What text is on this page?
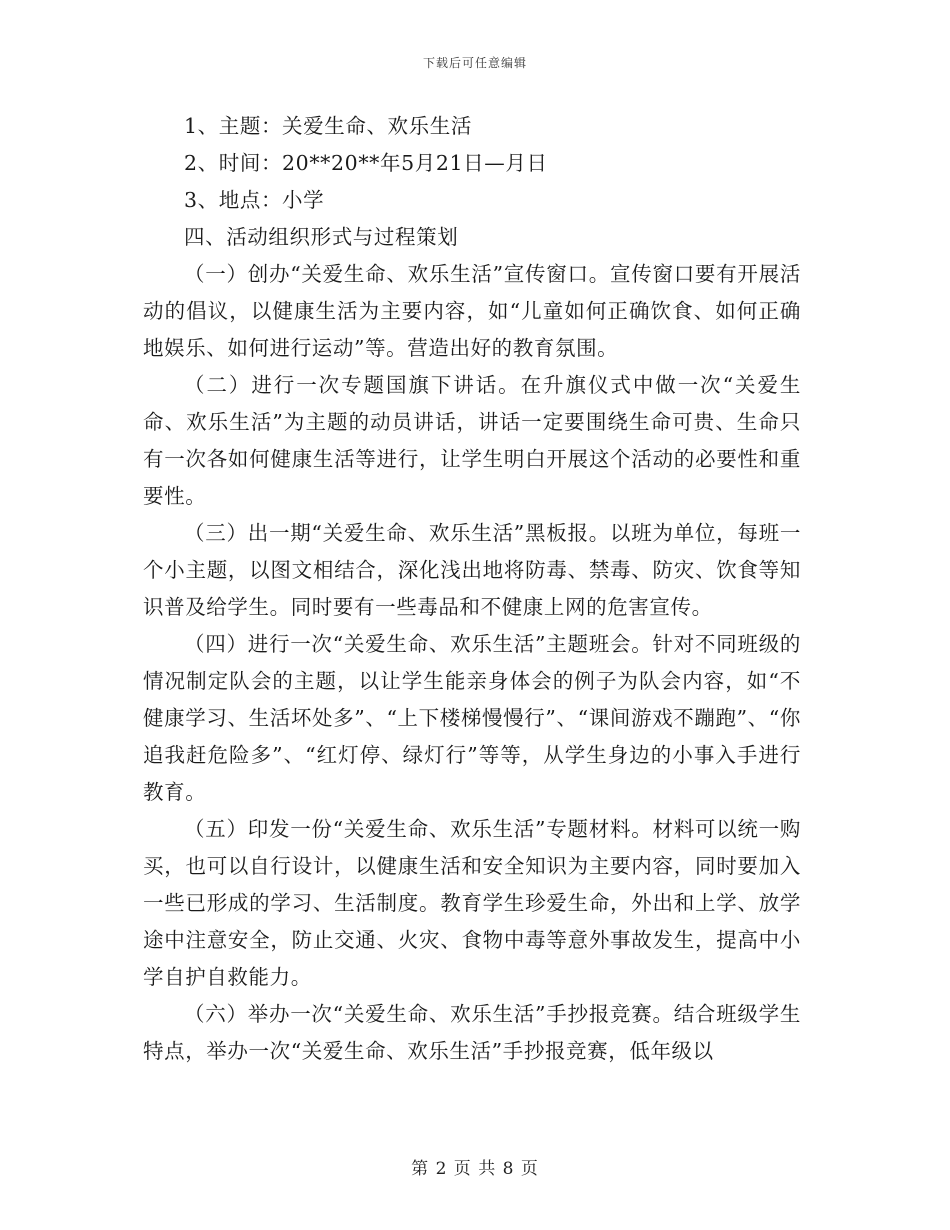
下载后可任意编辑

1、主题：关爱生命、欢乐生活

2、时间：20**20**年5月21日—月日

3、地点：小学

四、活动组织形式与过程策划

（一）创办“关爱生命、欢乐生活”宣传窗口。宣传窗口要有开展活动的倡议，以健康生活为主要内容，如“儿童如何正确饮食、如何正确地娱乐、如何进行运动”等。营造出好的教育氛围。

（二）进行一次专题国旗下讲话。在升旗仪式中做一次“关爱生命、欢乐生活”为主题的动员讲话，讲话一定要围绕生命可贵、生命只有一次各如何健康生活等进行，让学生明白开展这个活动的必要性和重要性。

（三）出一期“关爱生命、欢乐生活”黑板报。以班为单位，每班一个小主题，以图文相结合，深化浅出地将防毒、禁毒、防灾、饮食等知识普及给学生。同时要有一些毒品和不健康上网的危害宣传。

（四）进行一次“关爱生命、欢乐生活”主题班会。针对不同班级的情况制定队会的主题，以让学生能亲身体会的例子为队会内容，如“不健康学习、生活坏处多”、“上下楼梯慢慢行”、“课间游戏不蹦跑”、“你追我赶危险多”、“红灯停、绿灯行”等等，从学生身边的小事入手进行教育。

（五）印发一份“关爱生命、欢乐生活”专题材料。材料可以统一购买，也可以自行设计，以健康生活和安全知识为主要内容，同时要加入一些已形成的学习、生活制度。教育学生珍爱生命，外出和上学、放学途中注意安全，防止交通、火灾、食物中毒等意外事故发生，提高中小学自护自救能力。

（六）举办一次“关爱生命、欢乐生活”手抄报竞赛。结合班级学生特点，举办一次“关爱生命、欢乐生活”手抄报竞赛，低年级以

第 2 页 共 8 页
